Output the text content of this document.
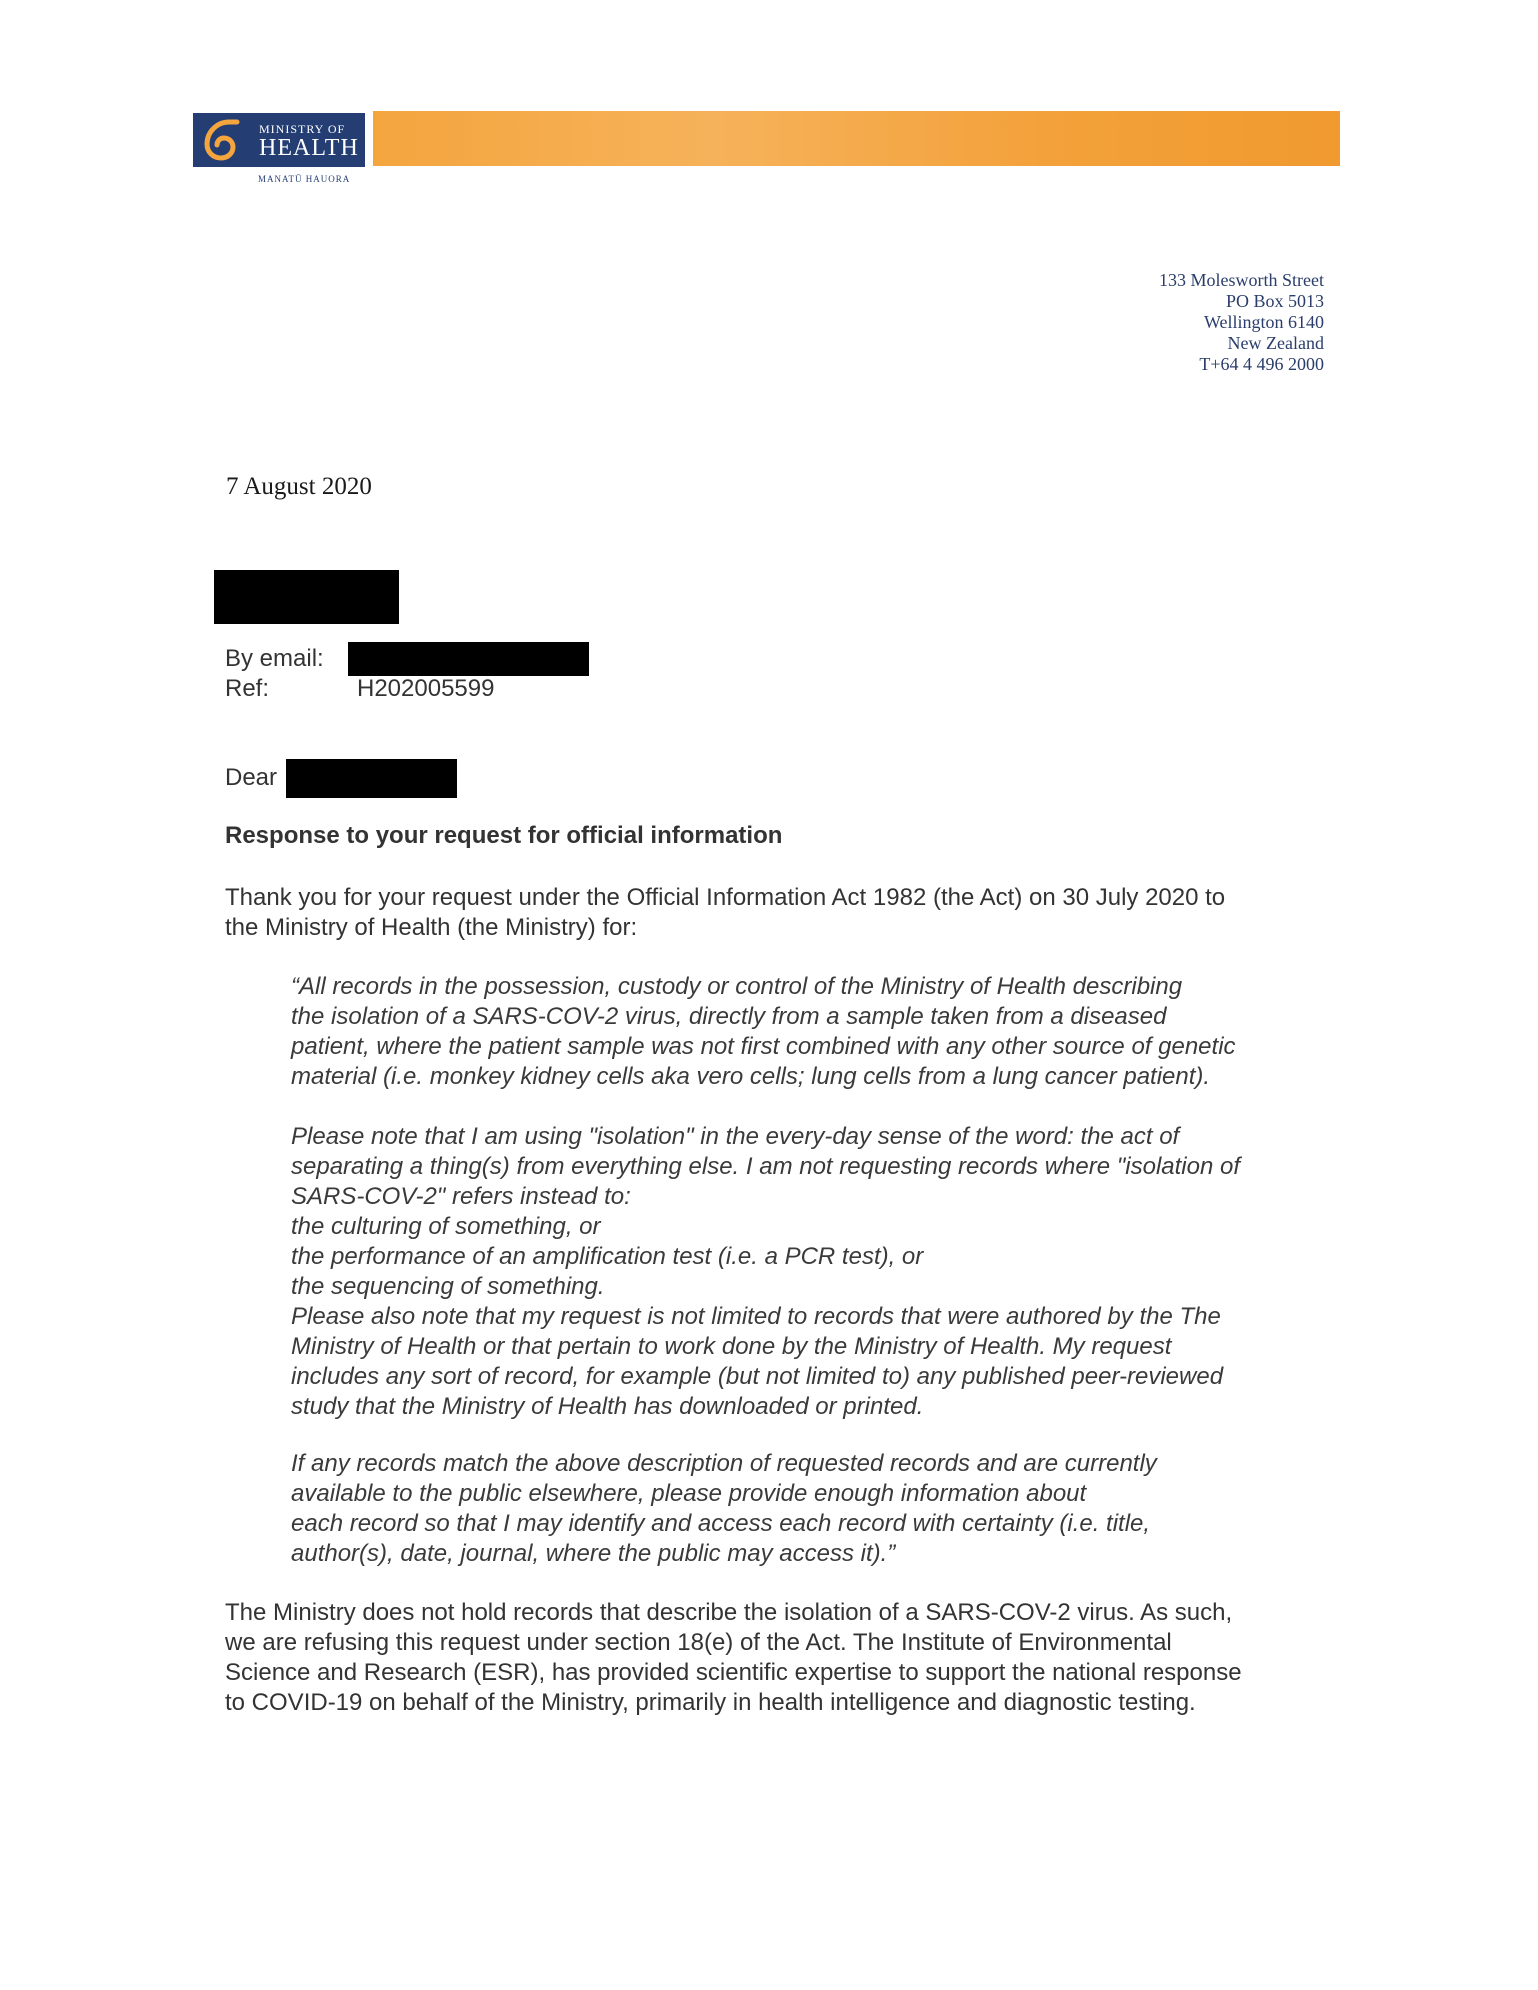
MINISTRY OF
HEALTH
MANATŪ HAUORA
133 Molesworth Street
PO Box 5013
Wellington 6140
New Zealand
T+64 4 496 2000
7 August 2020
By email:
Ref:	H202005599
Dear
Response to your request for official information
Thank you for your request under the Official Information Act 1982 (the Act) on 30 July 2020 to
the Ministry of Health (the Ministry) for:
“All records in the possession, custody or control of the Ministry of Health describing
the isolation of a SARS-COV-2 virus, directly from a sample taken from a diseased
patient, where the patient sample was not first combined with any other source of genetic
material (i.e. monkey kidney cells aka vero cells; lung cells from a lung cancer patient).
Please note that I am using "isolation" in the every-day sense of the word: the act of
separating a thing(s) from everything else. I am not requesting records where "isolation of
SARS-COV-2" refers instead to:
the culturing of something, or
the performance of an amplification test (i.e. a PCR test), or
the sequencing of something.
Please also note that my request is not limited to records that were authored by the The
Ministry of Health or that pertain to work done by the Ministry of Health. My request
includes any sort of record, for example (but not limited to) any published peer-reviewed
study that the Ministry of Health has downloaded or printed.
If any records match the above description of requested records and are currently
available to the public elsewhere, please provide enough information about
each record so that I may identify and access each record with certainty (i.e. title,
author(s), date, journal, where the public may access it).”
The Ministry does not hold records that describe the isolation of a SARS-COV-2 virus. As such,
we are refusing this request under section 18(e) of the Act. The Institute of Environmental
Science and Research (ESR), has provided scientific expertise to support the national response
to COVID-19 on behalf of the Ministry, primarily in health intelligence and diagnostic testing.
